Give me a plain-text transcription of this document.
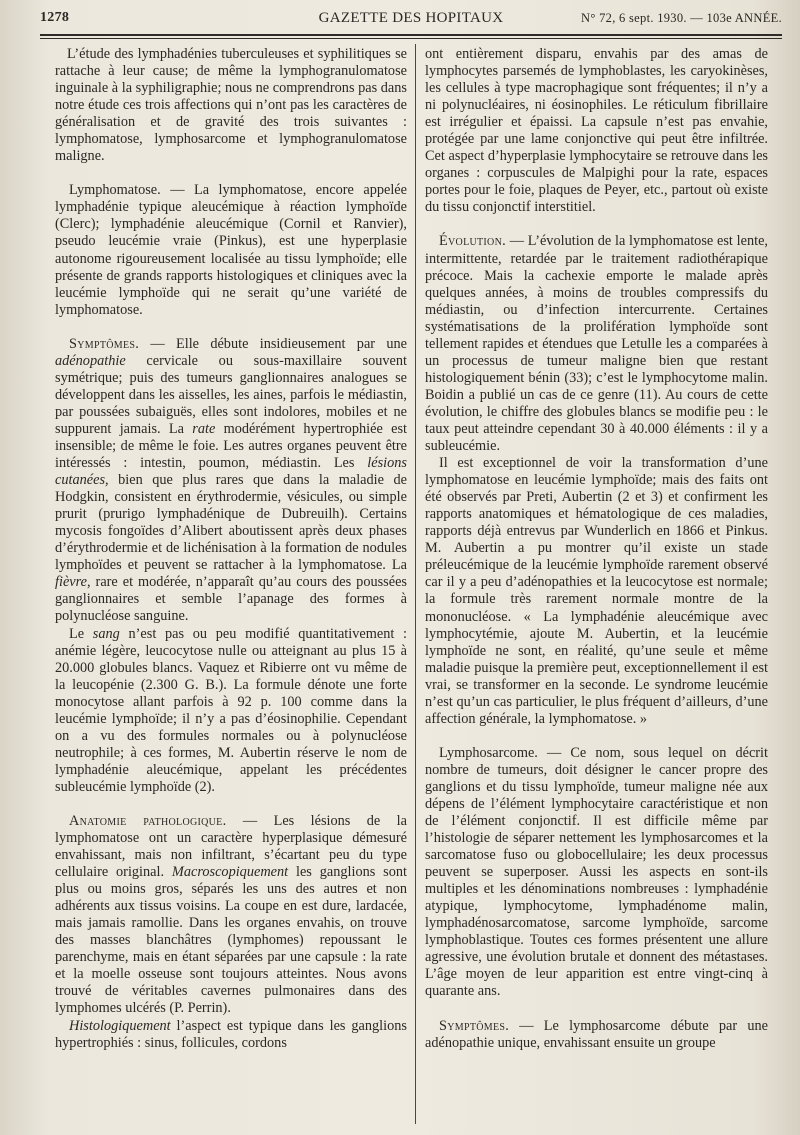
1278	GAZETTE DES HOPITAUX	N° 72, 6 sept. 1930. — 103e ANNÉE.

L’étude des lymphadénies tuberculeuses et syphilitiques se rattache à leur cause; de même la lymphogranulomatose inguinale à la syphiligraphie; nous ne comprendrons pas dans notre étude ces trois affections qui n’ont pas les caractères de généralisation et de gravité des trois suivantes : lymphomatose, lymphosarcome et lymphogranulomatose maligne.

Lymphomatose. — La lymphomatose, encore appelée lymphadénie typique aleucémique à réaction lymphoïde (Clerc); lymphadénie aleucémique (Cornil et Ranvier), pseudo leucémie vraie (Pinkus), est une hyperplasie autonome rigoureusement localisée au tissu lymphoïde; elle présente de grands rapports histologiques et cliniques avec la leucémie lymphoïde qui ne serait qu’une variété de lymphomatose.

Symptômes. — Elle débute insidieusement par une adénopathie cervicale ou sous-maxillaire souvent symétrique; puis des tumeurs ganglionnaires analogues se développent dans les aisselles, les aines, parfois le médiastin, par poussées subaiguës, elles sont indolores, mobiles et ne suppurent jamais. La rate modérément hypertrophiée est insensible; de même le foie. Les autres organes peuvent être intéressés : intestin, poumon, médiastin. Les lésions cutanées, bien que plus rares que dans la maladie de Hodgkin, consistent en érythrodermie, vésicules, ou simple prurit (prurigo lymphadénique de Dubreuilh). Certains mycosis fongoïdes d’Alibert aboutissent après deux phases d’érythrodermie et de lichénisation à la formation de nodules lymphoïdes et peuvent se rattacher à la lymphomatose. La fièvre, rare et modérée, n’apparaît qu’au cours des poussées ganglionnaires et semble l’apanage des formes à polynucléose sanguine.

Le sang n’est pas ou peu modifié quantitativement : anémie légère, leucocytose nulle ou atteignant au plus 15 à 20.000 globules blancs. Vaquez et Ribierre ont vu même de la leucopénie (2.300 G. B.). La formule dénote une forte monocytose allant parfois à 92 p. 100 comme dans la leucémie lymphoïde; il n’y a pas d’éosinophilie. Cependant on a vu des formules normales ou à polynucléose neutrophile; à ces formes, M. Aubertin réserve le nom de lymphadénie aleucémique, appelant les précédentes subleucémie lymphoïde (2).

Anatomie pathologique. — Les lésions de la lymphomatose ont un caractère hyperplasique démesuré envahissant, mais non infiltrant, s’écartant peu du type cellulaire original. Macroscopiquement les ganglions sont plus ou moins gros, séparés les uns des autres et non adhérents aux tissus voisins. La coupe en est dure, lardacée, mais jamais ramollie. Dans les organes envahis, on trouve des masses blanchâtres (lymphomes) repoussant le parenchyme, mais en étant séparées par une capsule : la rate et la moelle osseuse sont toujours atteintes. Nous avons trouvé de véritables cavernes pulmonaires dans des lymphomes ulcérés (P. Perrin).

Histologiquement l’aspect est typique dans les ganglions hypertrophiés : sinus, follicules, cordons

ont entièrement disparu, envahis par des amas de lymphocytes parsemés de lymphoblastes, les caryokinèses, les cellules à type macrophagique sont fréquentes; il n’y a ni polynucléaires, ni éosinophiles. Le réticulum fibrillaire est irrégulier et épaissi. La capsule n’est pas envahie, protégée par une lame conjonctive qui peut être infiltrée. Cet aspect d’hyperplasie lymphocytaire se retrouve dans les organes : corpuscules de Malpighi pour la rate, espaces portes pour le foie, plaques de Peyer, etc., partout où existe du tissu conjonctif interstitiel.

Évolution. — L’évolution de la lymphomatose est lente, intermittente, retardée par le traitement radiothérapique précoce. Mais la cachexie emporte le malade après quelques années, à moins de troubles compressifs du médiastin, ou d’infection intercurrente. Certaines systématisations de la prolifération lymphoïde sont tellement rapides et étendues que Letulle les a comparées à un processus de tumeur maligne bien que restant histologiquement bénin (33); c’est le lymphocytome malin. Boidin a publié un cas de ce genre (11). Au cours de cette évolution, le chiffre des globules blancs se modifie peu : le taux peut atteindre cependant 30 à 40.000 éléments : il y a subleucémie.

Il est exceptionnel de voir la transformation d’une lymphomatose en leucémie lymphoïde; mais des faits ont été observés par Preti, Aubertin (2 et 3) et confirment les rapports anatomiques et hématologique de ces maladies, rapports déjà entrevus par Wunderlich en 1866 et Pinkus. M. Aubertin a pu montrer qu’il existe un stade préleucémique de la leucémie lymphoïde rarement observé car il y a peu d’adénopathies et la leucocytose est normale; la formule très rarement normale montre de la mononucléose. « La lymphadénie aleucémique avec lymphocytémie, ajoute M. Aubertin, et la leucémie lymphoïde ne sont, en réalité, qu’une seule et même maladie puisque la première peut, exceptionnellement il est vrai, se transformer en la seconde. Le syndrome leucémie n’est qu’un cas particulier, le plus fréquent d’ailleurs, d’une affection générale, la lymphomatose. »

Lymphosarcome. — Ce nom, sous lequel on décrit nombre de tumeurs, doit désigner le cancer propre des ganglions et du tissu lymphoïde, tumeur maligne née aux dépens de l’élément lymphocytaire caractéristique et non de l’élément conjonctif. Il est difficile même par l’histologie de séparer nettement les lymphosarcomes et la sarcomatose fuso ou globocellulaire; les deux processus peuvent se superposer. Aussi les aspects en sont-ils multiples et les dénominations nombreuses : lymphadénie atypique, lymphocytome, lymphadénome malin, lymphadénosarcomatose, sarcome lymphoïde, sarcome lymphoblastique. Toutes ces formes présentent une allure agressive, une évolution brutale et donnent des métastases. L’âge moyen de leur apparition est entre vingt-cinq à quarante ans.

Symptômes. — Le lymphosarcome débute par une adénopathie unique, envahissant ensuite un groupe
